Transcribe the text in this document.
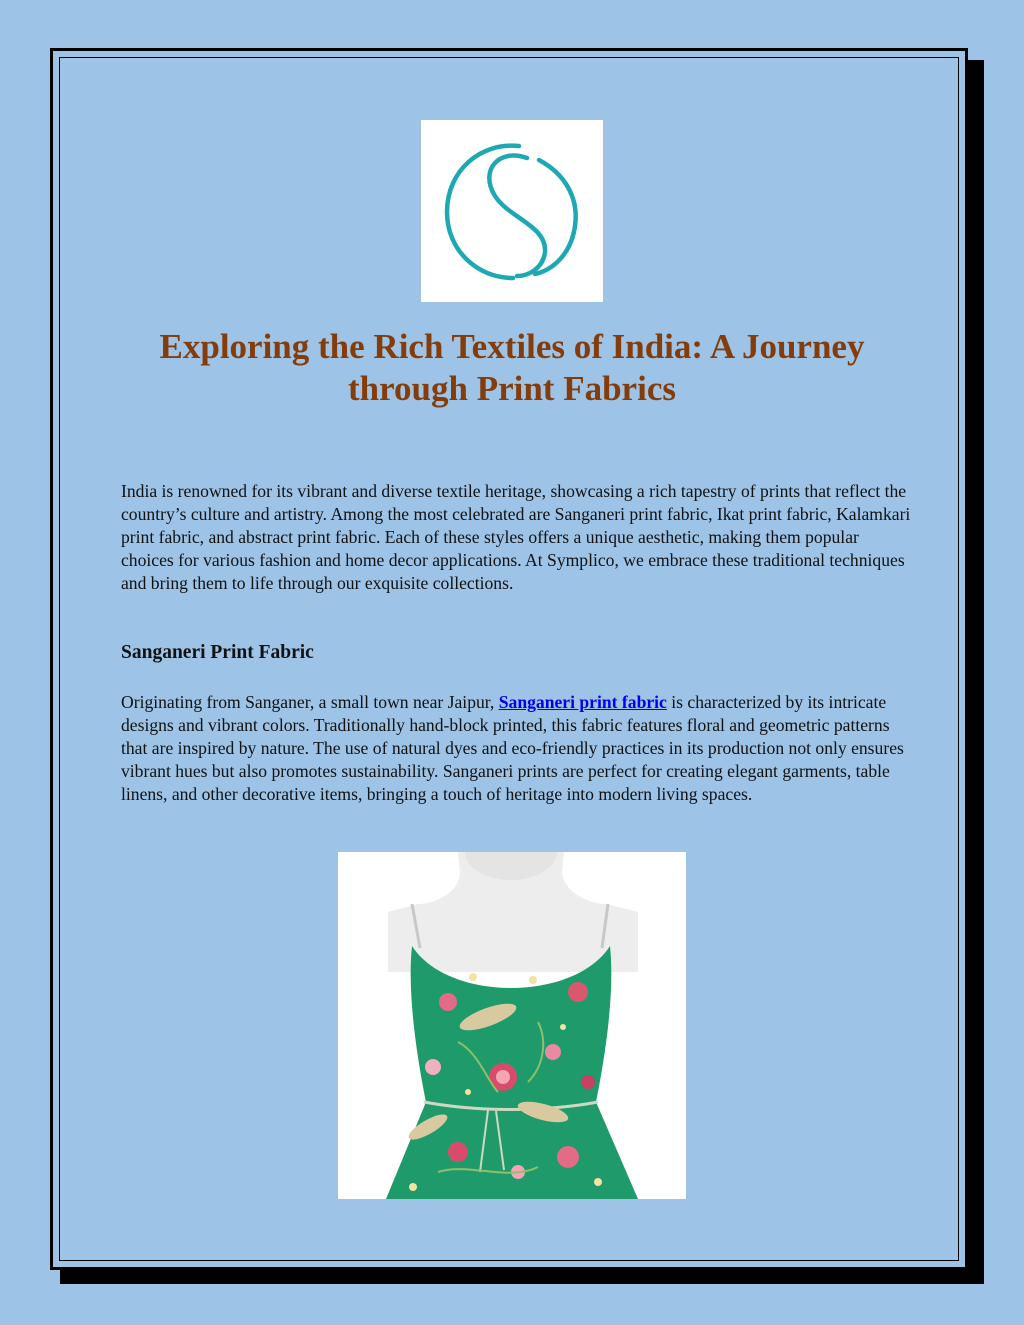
Exploring the Rich Textiles of India: A Journey through Print Fabrics

India is renowned for its vibrant and diverse textile heritage, showcasing a rich tapestry of prints that reflect the country’s culture and artistry. Among the most celebrated are Sanganeri print fabric, Ikat print fabric, Kalamkari print fabric, and abstract print fabric. Each of these styles offers a unique aesthetic, making them popular choices for various fashion and home decor applications. At Symplico, we embrace these traditional techniques and bring them to life through our exquisite collections.

Sanganeri Print Fabric

Originating from Sanganer, a small town near Jaipur, Sanganeri print fabric is characterized by its intricate designs and vibrant colors. Traditionally hand-block printed, this fabric features floral and geometric patterns that are inspired by nature. The use of natural dyes and eco-friendly practices in its production not only ensures vibrant hues but also promotes sustainability. Sanganeri prints are perfect for creating elegant garments, table linens, and other decorative items, bringing a touch of heritage into modern living spaces.
